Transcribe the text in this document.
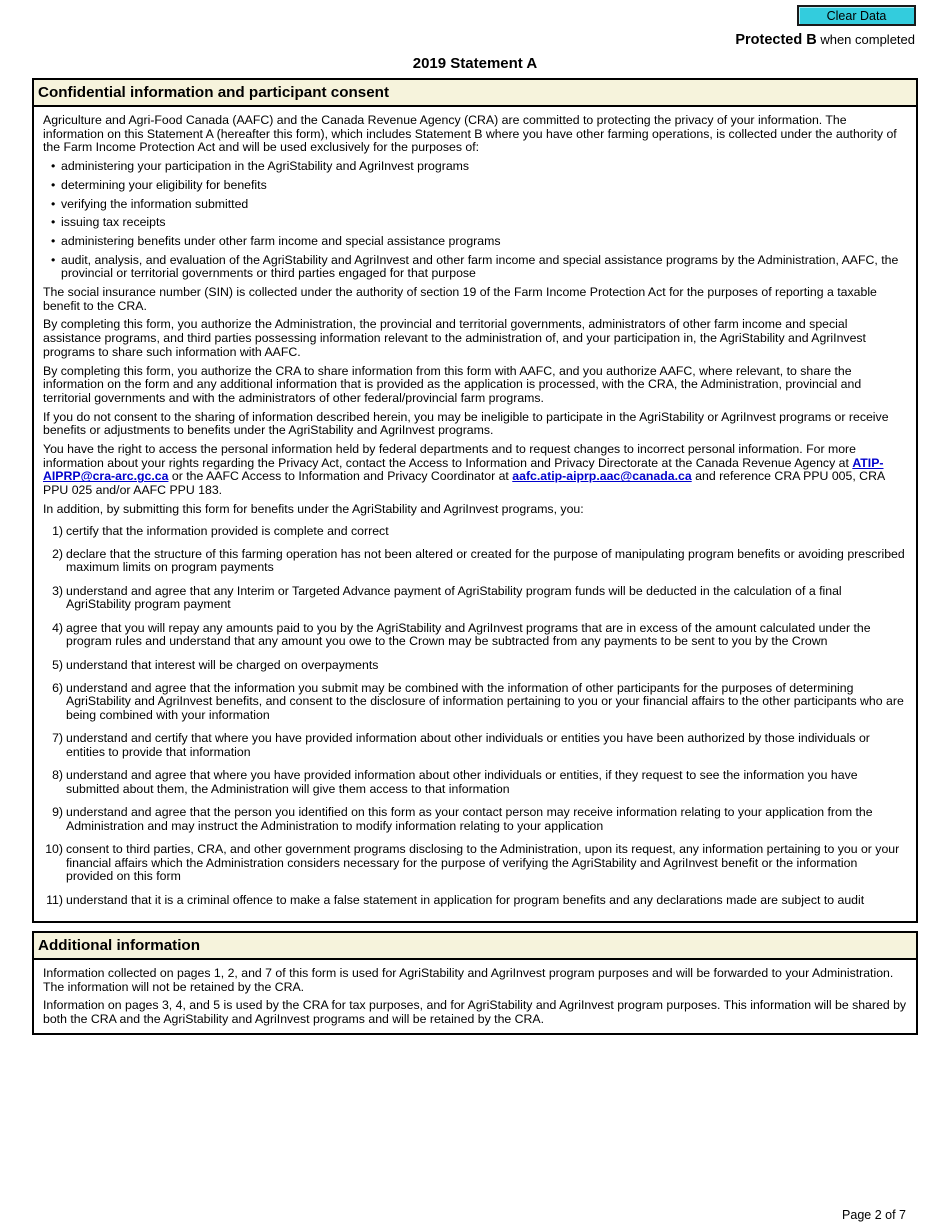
Clear Data
Protected B when completed
2019 Statement A
Confidential information and participant consent

Agriculture and Agri-Food Canada (AAFC) and the Canada Revenue Agency (CRA) are committed to protecting the privacy of your information. The information on this Statement A (hereafter this form), which includes Statement B where you have other farming operations, is collected under the authority of the Farm Income Protection Act and will be used exclusively for the purposes of:

• administering your participation in the AgriStability and AgriInvest programs
• determining your eligibility for benefits
• verifying the information submitted
• issuing tax receipts
• administering benefits under other farm income and special assistance programs
• audit, analysis, and evaluation of the AgriStability and AgriInvest and other farm income and special assistance programs by the Administration, AAFC, the provincial or territorial governments or third parties engaged for that purpose

The social insurance number (SIN) is collected under the authority of section 19 of the Farm Income Protection Act for the purposes of reporting a taxable benefit to the CRA.

By completing this form, you authorize the Administration, the provincial and territorial governments, administrators of other farm income and special assistance programs, and third parties possessing information relevant to the administration of, and your participation in, the AgriStability and AgriInvest programs to share such information with AAFC.

By completing this form, you authorize the CRA to share information from this form with AAFC, and you authorize AAFC, where relevant, to share the information on the form and any additional information that is provided as the application is processed, with the CRA, the Administration, provincial and territorial governments and with the administrators of other federal/provincial farm programs.

If you do not consent to the sharing of information described herein, you may be ineligible to participate in the AgriStability or AgriInvest programs or receive benefits or adjustments to benefits under the AgriStability and AgriInvest programs.

You have the right to access the personal information held by federal departments and to request changes to incorrect personal information. For more information about your rights regarding the Privacy Act, contact the Access to Information and Privacy Directorate at the Canada Revenue Agency at ATIP-AIPRP@cra-arc.gc.ca or the AAFC Access to Information and Privacy Coordinator at aafc.atip-aiprp.aac@canada.ca and reference CRA PPU 005, CRA PPU 025 and/or AAFC PPU 183.

In addition, by submitting this form for benefits under the AgriStability and AgriInvest programs, you:

1) certify that the information provided is complete and correct
2) declare that the structure of this farming operation has not been altered or created for the purpose of manipulating program benefits or avoiding prescribed maximum limits on program payments
3) understand and agree that any Interim or Targeted Advance payment of AgriStability program funds will be deducted in the calculation of a final AgriStability program payment
4) agree that you will repay any amounts paid to you by the AgriStability and AgriInvest programs that are in excess of the amount calculated under the program rules and understand that any amount you owe to the Crown may be subtracted from any payments to be sent to you by the Crown
5) understand that interest will be charged on overpayments
6) understand and agree that the information you submit may be combined with the information of other participants for the purposes of determining AgriStability and AgriInvest benefits, and consent to the disclosure of information pertaining to you or your financial affairs to the other participants who are being combined with your information
7) understand and certify that where you have provided information about other individuals or entities you have been authorized by those individuals or entities to provide that information
8) understand and agree that where you have provided information about other individuals or entities, if they request to see the information you have submitted about them, the Administration will give them access to that information
9) understand and agree that the person you identified on this form as your contact person may receive information relating to your application from the Administration and may instruct the Administration to modify information relating to your application
10) consent to third parties, CRA, and other government programs disclosing to the Administration, upon its request, any information pertaining to you or your financial affairs which the Administration considers necessary for the purpose of verifying the AgriStability and AgriInvest benefit or the information provided on this form
11) understand that it is a criminal offence to make a false statement in application for program benefits and any declarations made are subject to audit
Additional information

Information collected on pages 1, 2, and 7 of this form is used for AgriStability and AgriInvest program purposes and will be forwarded to your Administration. The information will not be retained by the CRA.

Information on pages 3, 4, and 5 is used by the CRA for tax purposes, and for AgriStability and AgriInvest program purposes. This information will be shared by both the CRA and the AgriStability and AgriInvest programs and will be retained by the CRA.

Page 2 of 7
